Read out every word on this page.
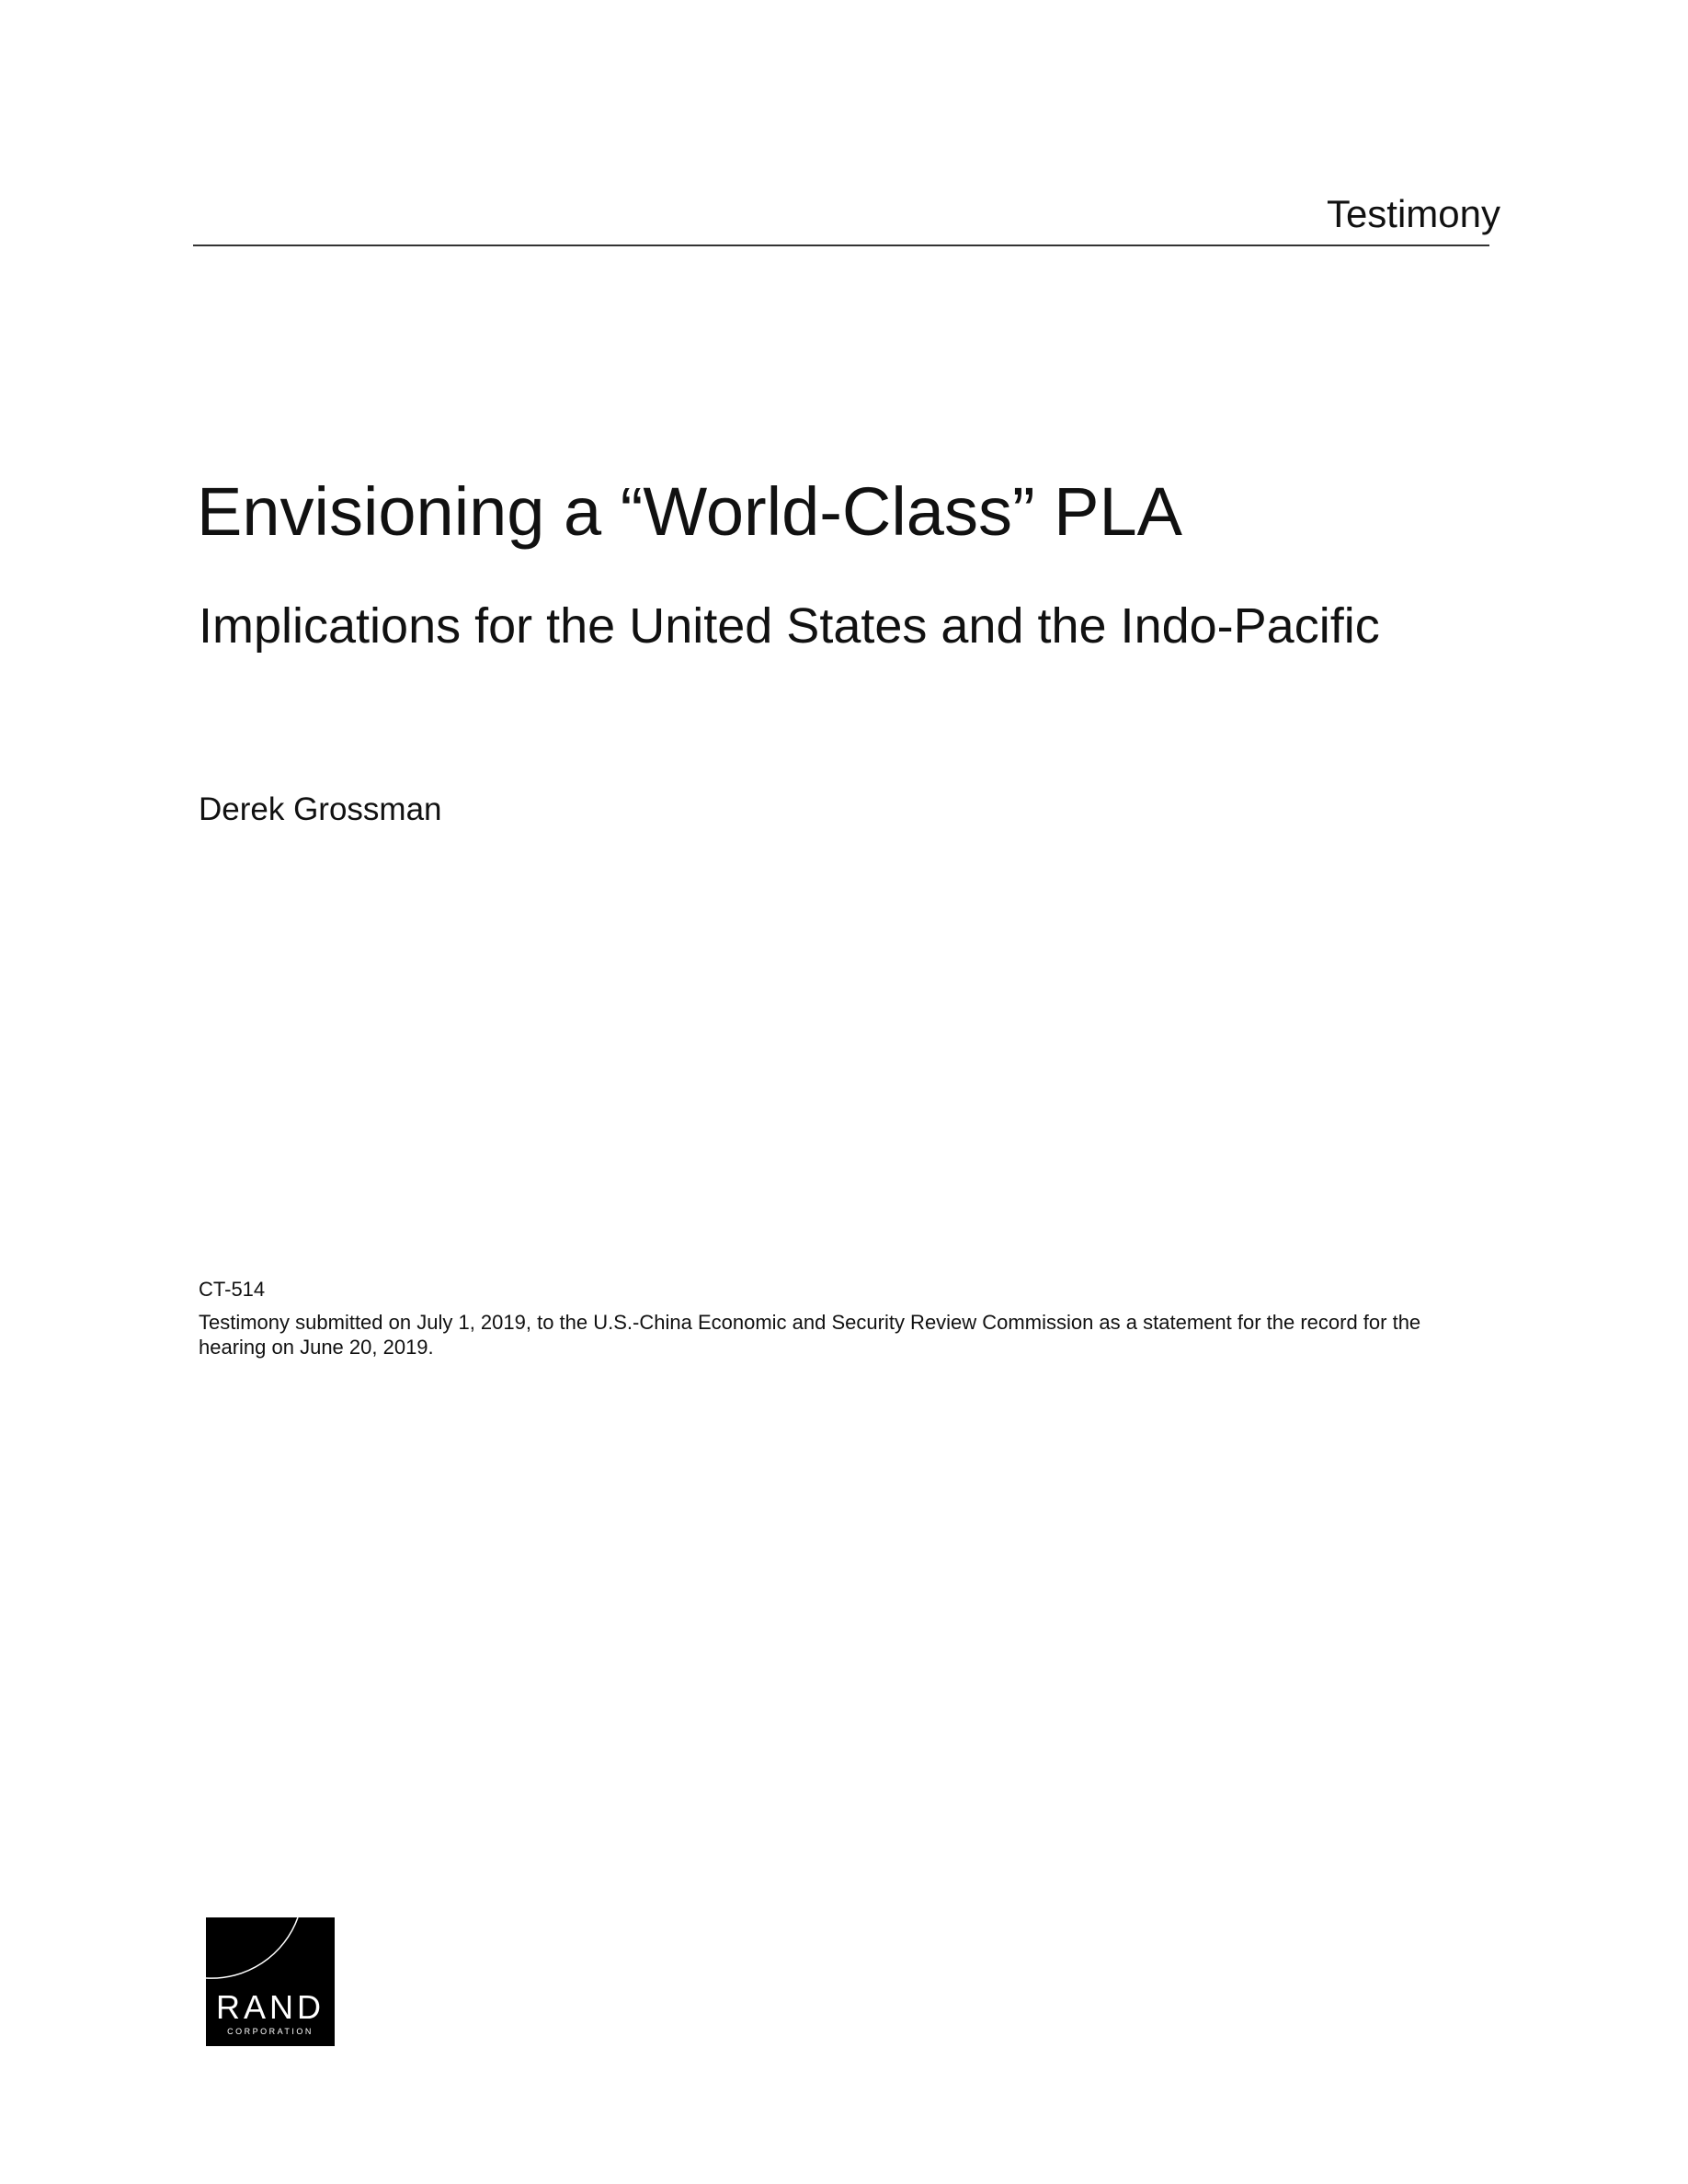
Testimony
Envisioning a “World-Class” PLA
Implications for the United States and the Indo-Pacific
Derek Grossman
CT-514

Testimony submitted on July 1, 2019, to the U.S.-China Economic and Security Review Commission as a statement for the record for the hearing on June 20, 2019.

RAND
CORPORATION
